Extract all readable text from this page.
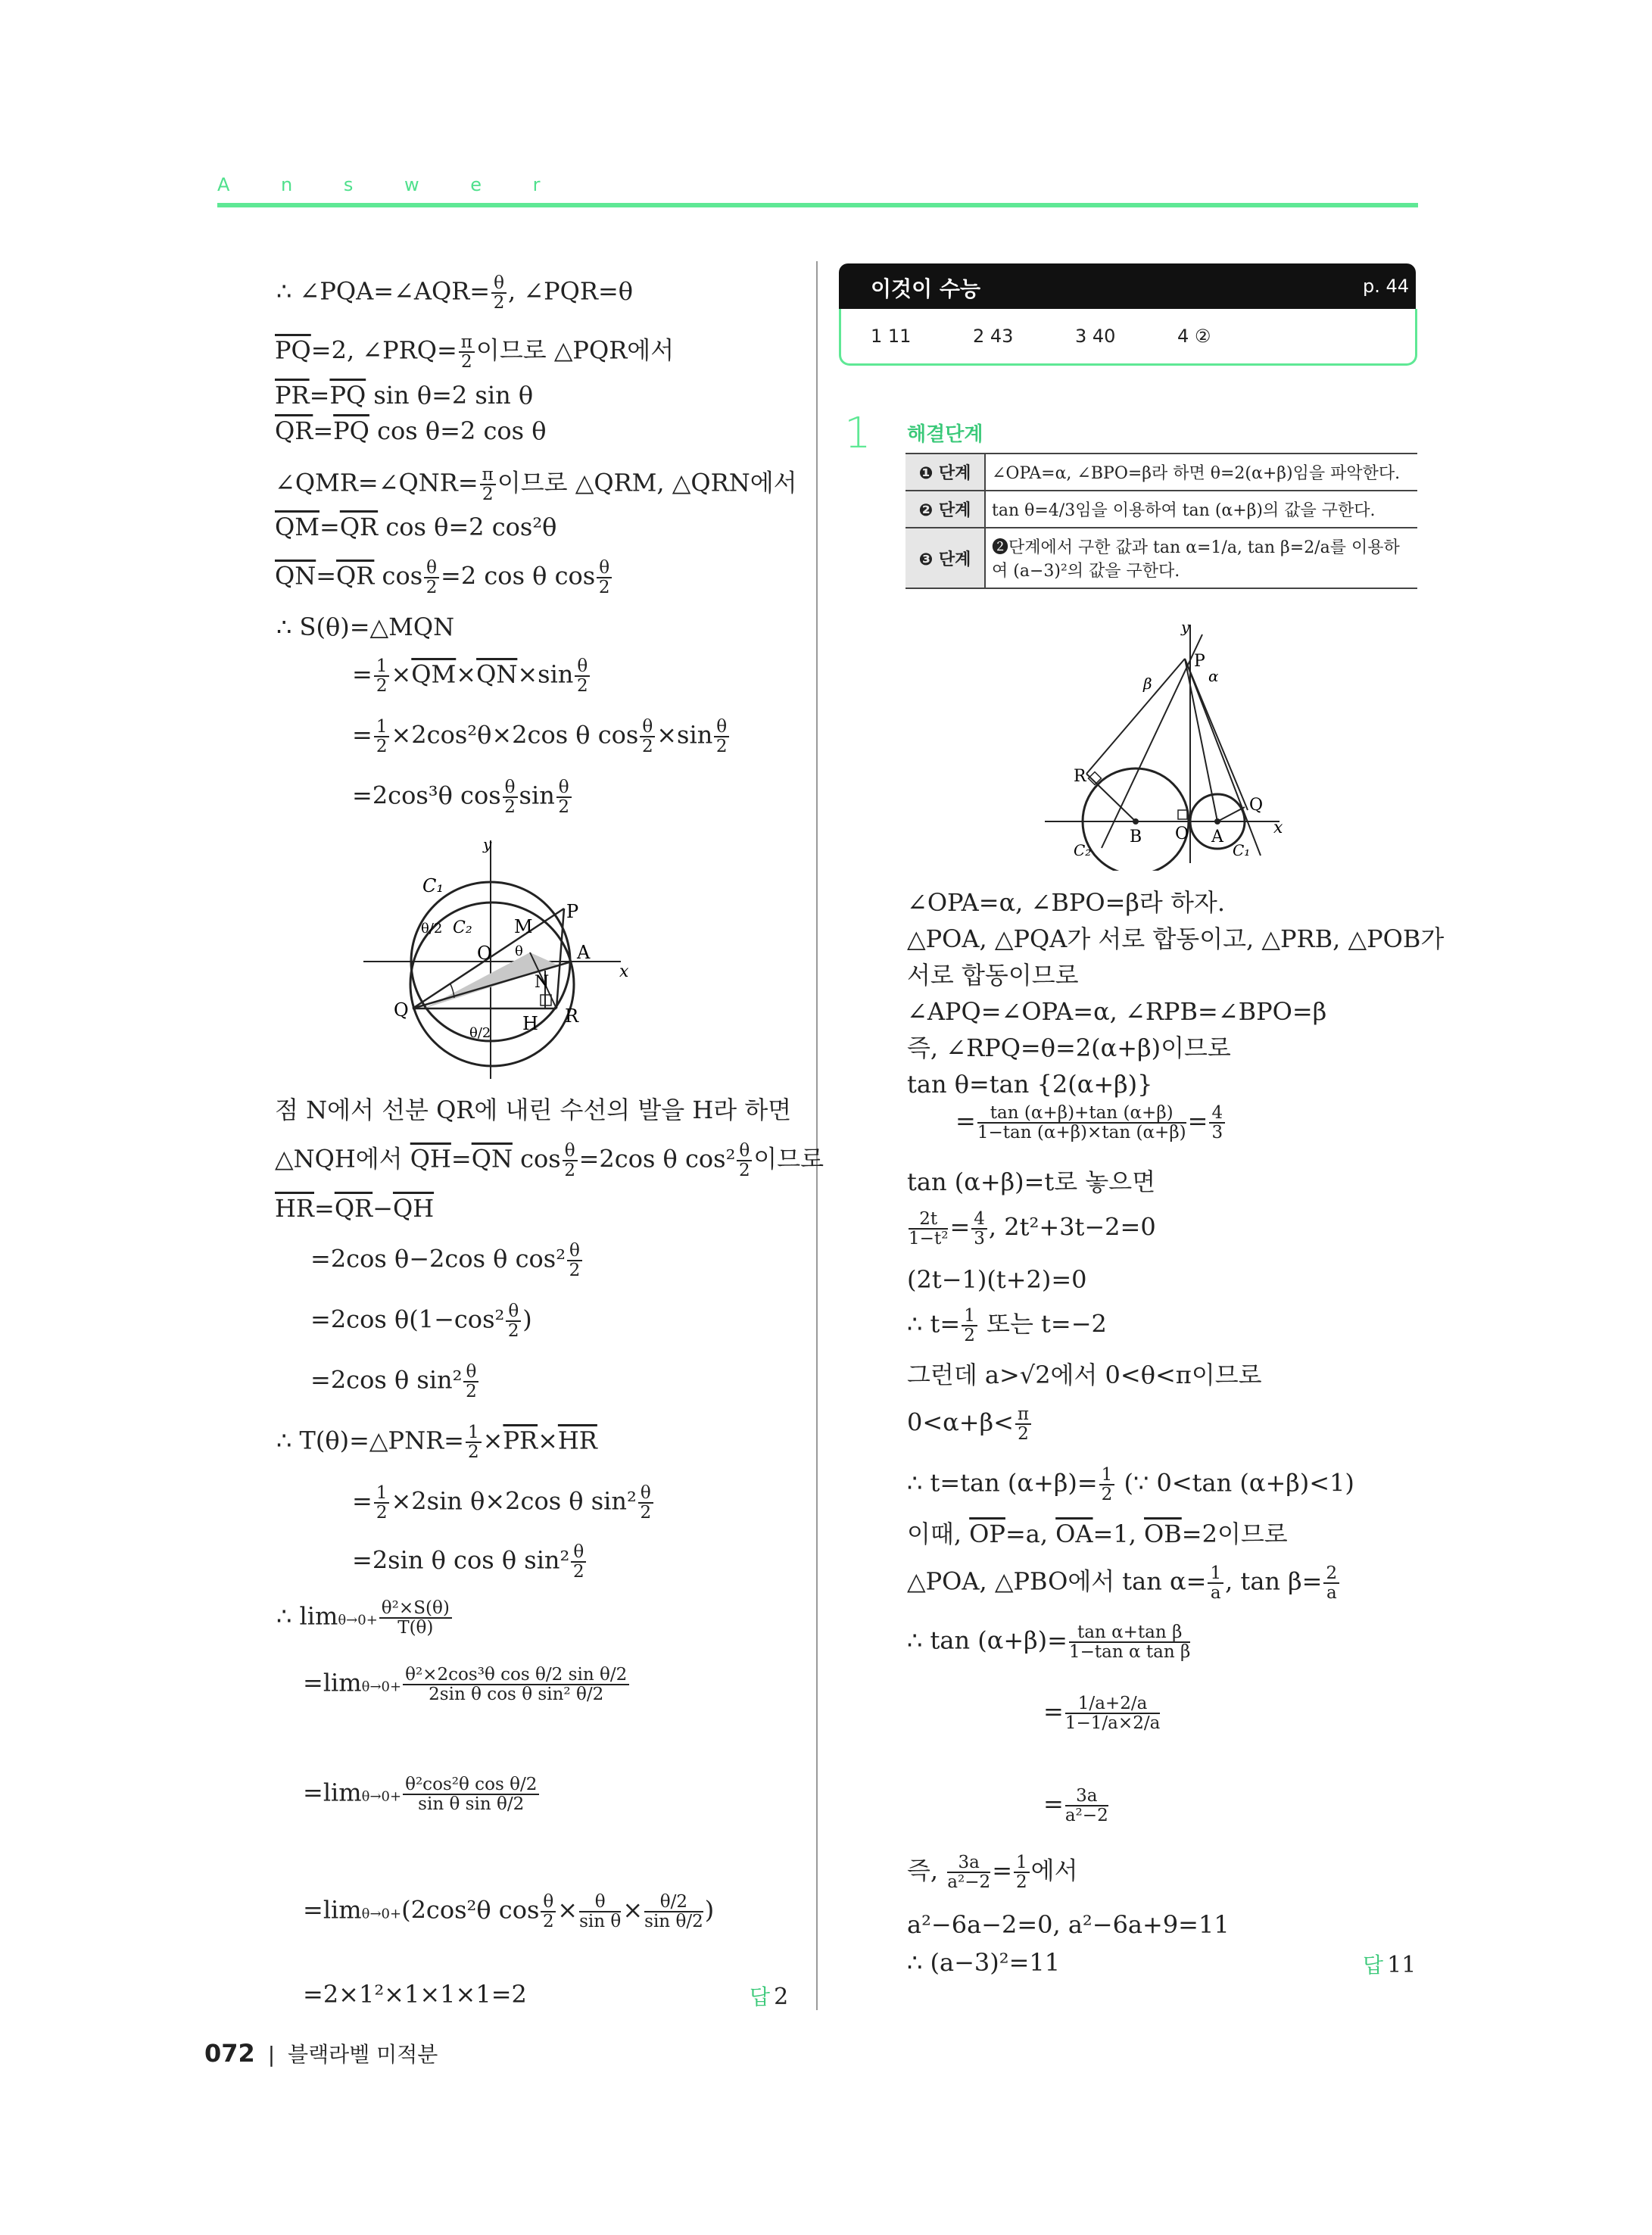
A n s w e r
∴ ∠PQA=∠AQR= $\frac{\theta}{2}$ , ∠PQR=θ
$\overline{PQ}=2$, ∠PRQ= $\frac{\pi}{2}$ 이므로 △PQR에서
$\overline{PR}=\overline{PQ}$ sin θ=2 sin θ
$\overline{QR}=\overline{PQ}$ cos θ=2 cos θ
∠QMR=∠QNR= $\frac{\pi}{2}$ 이므로 △QRM, △QRN에서
$\overline{QM}=\overline{QR}$ cos θ=2 cos²θ
$\overline{QN}=\overline{QR}$ $\cos \frac{\theta}{2} =2$ cos θ $\cos \frac{\theta}{2}$
∴ S(θ)=△MQN
= $\frac{1}{2} \times\overline{QM}\times\overline{QN}\times\sin \frac{\theta}{2}$
= $\frac{1}{2} \times 2\cos^2\theta\times 2\cos$ θ $\cos \frac{\theta}{2} \times\sin \frac{\theta}{2}$
=2cos³θ $\cos \frac{\theta}{2}$ $\sin \frac{\theta}{2}$
C₁
C₂ M
P
O	A
N
Q
H R
y
x
θ/2
θ/2
θ
점 N에서 선분 QR에 내린 수선의 발을 H라 하면
△NQH에서 $\overline{QH}=\overline{QN}$ $\cos \frac{\theta}{2} =2\cos$ θ $\cos^2 \frac{\theta}{2}$ 이므로
$\overline{HR}=\overline{QR}-\overline{QH}$
=2cos θ−2cos θ $\cos^2 \frac{\theta}{2}$
=2cos $\theta(1-\cos^2 \frac{\theta}{2}$ )
=2cos θ $\sin^2 \frac{\theta}{2}$
∴ T(θ)=△PNR= $\frac{1}{2} \times\overline{PR}\times\overline{HR}$
= $\frac{1}{2} \times 2\sin$ θ×2cos θ $\sin^2 \frac{\theta}{2}$
=2sin θ cos θ $\sin^2 \frac{\theta}{2}$
∴ $\lim\theta\to 0+ \frac{\text{θ²×S(θ)}}{T(\theta)}$
$=\lim\theta\to 0+ \frac{\text{θ²×2cos³θ cos θ/2 sin θ/2}}{\text{2sin θ cos θ sin² θ/2}}$
$=\lim\theta\to 0+ \frac{\text{θ²cos²θ cos θ/2}}{\text{sin θ sin θ/2}}$
=limθ→0+(2cos²θ $\cos \frac{\theta}{2} \times \frac{\theta}{\text{sin θ}} \times \frac{\theta/2}{\text{sin θ/2}}$ )
=2×1²×1×1×1=2	답 2
이것이 수능	p. 44
1 11	2 43	3 40	4 ②
1 해결단계
❶ 단계	∠OPA=α, ∠BPO=β라 하면 θ=2(α+β)임을 파악한다.
❷ 단계	tan θ=4/3임을 이용하여 tan (α+β)의 값을 구한다.
❸ 단계	❷단계에서 구한 값과 tan α=1/a, tan β=2/a를 이용하여 (a−3)²의 값을 구한다.
y
P
β	α
R
Q
B O A	x
C₂	C₁
∠OPA=α, ∠BPO=β라 하자.
△POA, △PQA가 서로 합동이고, △PRB, △POB가
서로 합동이므로
∠APQ=∠OPA=α, ∠RPB=∠BPO=β
즉, ∠RPQ=θ=2(α+β)이므로
tan θ=tan {2(α+β)}
= $\frac{\tan (\alpha+\beta)+\tan (\alpha+\beta)}{1-\tan (\alpha+\beta)\times\tan (\alpha+\beta)} = \frac{4}{3}$
tan (α+β)=t로 놓으면
$\frac{2t}{\text{1−t²}} = \frac{4}{3}$ , 2t²+3t−2=0
(2t−1)(t+2)=0
∴ $t= \frac{1}{2}$ 또는 t=−2
그런데 a>√2에서 0<θ<π이므로
$0<\alpha+\beta< \frac{\pi}{2}$
∴ t=tan $(\alpha+\beta)= \frac{1}{2}$ (∵ 0<tan (α+β)<1)
이때, $\overline{OP}=a$, $\overline{OA}=1$, $\overline{OB}=2$이므로
△POA, △PBO에서 $\tan \alpha= \frac{1}{a}$ , $\tan \beta= \frac{2}{a}$
∴ $\tan (\alpha+\beta)= \frac{\text{tan α+tan β}}{\text{1−tan α tan β}}$
= $\frac{1/a+2/a}{1-1/a\times 2/a}$
= $\frac{3a}{\text{a²−2}}$
즉, $\frac{3a}{\text{a²−2}} = \frac{1}{2}$ 에서
a²−6a−2=0, a²−6a+9=11
∴ (a−3)²=11	답 11
072 | 블랙라벨 미적분
